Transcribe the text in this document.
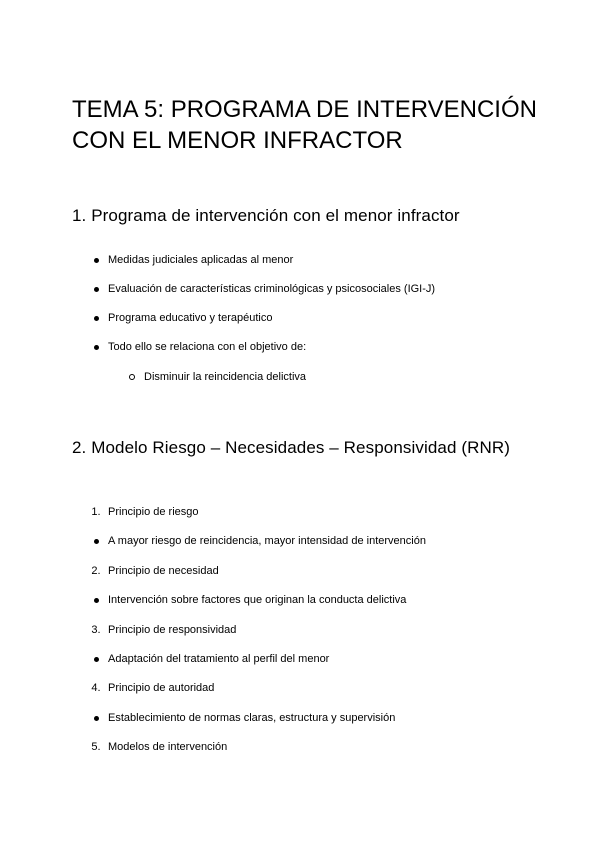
TEMA 5: PROGRAMA DE INTERVENCIÓN CON EL MENOR INFRACTOR
1. Programa de intervención con el menor infractor
Medidas judiciales aplicadas al menor
Evaluación de características criminológicas y psicosociales (IGI-J)
Programa educativo y terapéutico
Todo ello se relaciona con el objetivo de:
Disminuir la reincidencia delictiva
2. Modelo Riesgo – Necesidades – Responsividad (RNR)
1. Principio de riesgo
A mayor riesgo de reincidencia, mayor intensidad de intervención
2. Principio de necesidad
Intervención sobre factores que originan la conducta delictiva
3. Principio de responsividad
Adaptación del tratamiento al perfil del menor
4. Principio de autoridad
Establecimiento de normas claras, estructura y supervisión
5. Modelos de intervención
